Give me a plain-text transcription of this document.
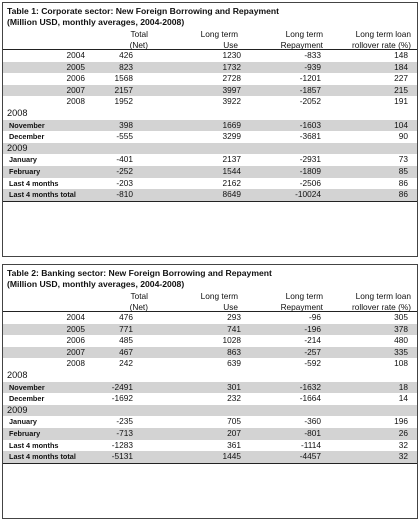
Table 1: Corporate sector: New Foreign Borrowing and Repayment
(Million USD, monthly averages, 2004-2008)
Total
(Net)
Long term
Use
Long term
Repayment
Long term loan
rollover rate (%)
2004	426	1230	-833	148
2005	823	1732	-939	184
2006	1568	2728	-1201	227
2007	2157	3997	-1857	215
2008	1952	3922	-2052	191
2008
November	398	1669	-1603	104
December	-555	3299	-3681	90
2009
January	-401	2137	-2931	73
February	-252	1544	-1809	85
Last 4 months	-203	2162	-2506	86
Last 4 months total	-810	8649	-10024	86
Table 2: Banking sector: New Foreign Borrowing and Repayment
(Million USD, monthly averages, 2004-2008)
Total
(Net)
Long term
Use
Long term
Repayment
Long term loan
rollover rate (%)
2004	476	293	-96	305
2005	771	741	-196	378
2006	485	1028	-214	480
2007	467	863	-257	335
2008	242	639	-592	108
2008
November	-2491	301	-1632	18
December	-1692	232	-1664	14
2009
January	-235	705	-360	196
February	-713	207	-801	26
Last 4 months	-1283	361	-1114	32
Last 4 months total	-5131	1445	-4457	32
